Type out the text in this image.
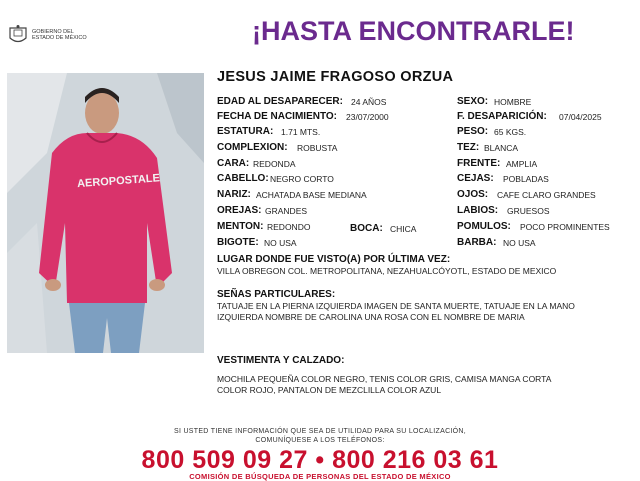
GOBIERNO DEL
ESTADO DE MÉXICO	¡HASTA ENCONTRARLE!
AEROPOSTALE
JESUS JAIME FRAGOSO ORZUA
EDAD AL DESAPARECER: 24 AÑOS
FECHA DE NACIMIENTO: 23/07/2000
ESTATURA: 1.71 MTS.
COMPLEXION: ROBUSTA
CARA: REDONDA
CABELLO: NEGRO CORTO
NARIZ: ACHATADA BASE MEDIANA
OREJAS: GRANDES
MENTON: REDONDO	BOCA: CHICA
BIGOTE: NO USA
SEXO: HOMBRE
F. DESAPARICIÓN: 07/04/2025
PESO: 65 KGS.
TEZ: BLANCA
FRENTE: AMPLIA
CEJAS: POBLADAS
OJOS: CAFE CLARO GRANDES
LABIOS: GRUESOS
POMULOS: POCO PROMINENTES
BARBA: NO USA
LUGAR DONDE FUE VISTO(A) POR ÚLTIMA VEZ:
VILLA OBREGON COL. METROPOLITANA, NEZAHUALCÓYOTL, ESTADO DE MEXICO
SEÑAS PARTICULARES:
TATUAJE EN LA PIERNA IZQUIERDA IMAGEN DE SANTA MUERTE, TATUAJE EN LA MANO
IZQUIERDA NOMBRE DE CAROLINA UNA ROSA CON EL NOMBRE DE MARIA
VESTIMENTA Y CALZADO:
MOCHILA PEQUEÑA COLOR NEGRO, TENIS COLOR GRIS, CAMISA MANGA CORTA
COLOR ROJO, PANTALON DE MEZCLILLA COLOR AZUL
SI USTED TIENE INFORMACIÓN QUE SEA DE UTILIDAD PARA SU LOCALIZACIÓN,
COMUNÍQUESE A LOS TELÉFONOS:
800 509 09 27 • 800 216 03 61
COMISIÓN DE BÚSQUEDA DE PERSONAS DEL ESTADO DE MÉXICO
